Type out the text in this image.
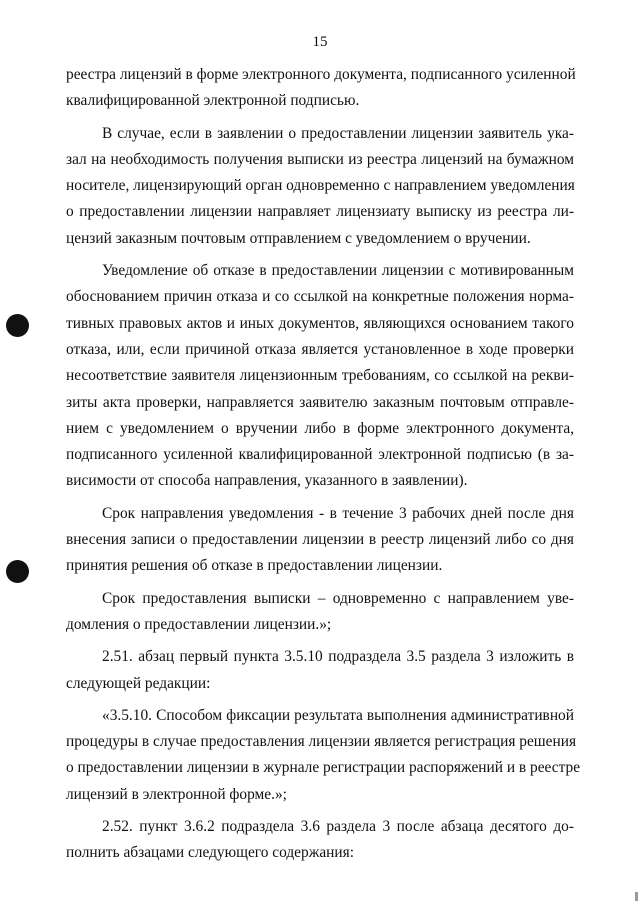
15

реестра лицензий в форме электронного документа, подписанного усиленной
квалифицированной электронной подписью.

В случае, если в заявлении о предоставлении лицензии заявитель ука-
зал на необходимость получения выписки из реестра лицензий на бумажном
носителе, лицензирующий орган одновременно с направлением уведомления
о предоставлении лицензии направляет лицензиату выписку из реестра ли-
цензий заказным почтовым отправлением с уведомлением о вручении.

Уведомление об отказе в предоставлении лицензии с мотивированным
обоснованием причин отказа и со ссылкой на конкретные положения норма-
тивных правовых актов и иных документов, являющихся основанием такого
отказа, или, если причиной отказа является установленное в ходе проверки
несоответствие заявителя лицензионным требованиям, со ссылкой на рекви-
зиты акта проверки, направляется заявителю заказным почтовым отправле-
нием с уведомлением о вручении либо в форме электронного документа,
подписанного усиленной квалифицированной электронной подписью (в за-
висимости от способа направления, указанного в заявлении).

Срок направления уведомления - в течение 3 рабочих дней после дня
внесения записи о предоставлении лицензии в реестр лицензий либо со дня
принятия решения об отказе в предоставлении лицензии.

Срок предоставления выписки – одновременно с направлением уве-
домления о предоставлении лицензии.»;

2.51. абзац первый пункта 3.5.10 подраздела 3.5 раздела 3 изложить в
следующей редакции:

«3.5.10. Способом фиксации результата выполнения административной
процедуры в случае предоставления лицензии является регистрация решения
о предоставлении лицензии в журнале регистрации распоряжений и в реестре
лицензий в электронной форме.»;

2.52. пункт 3.6.2 подраздела 3.6 раздела 3 после абзаца десятого до-
полнить абзацами следующего содержания:
